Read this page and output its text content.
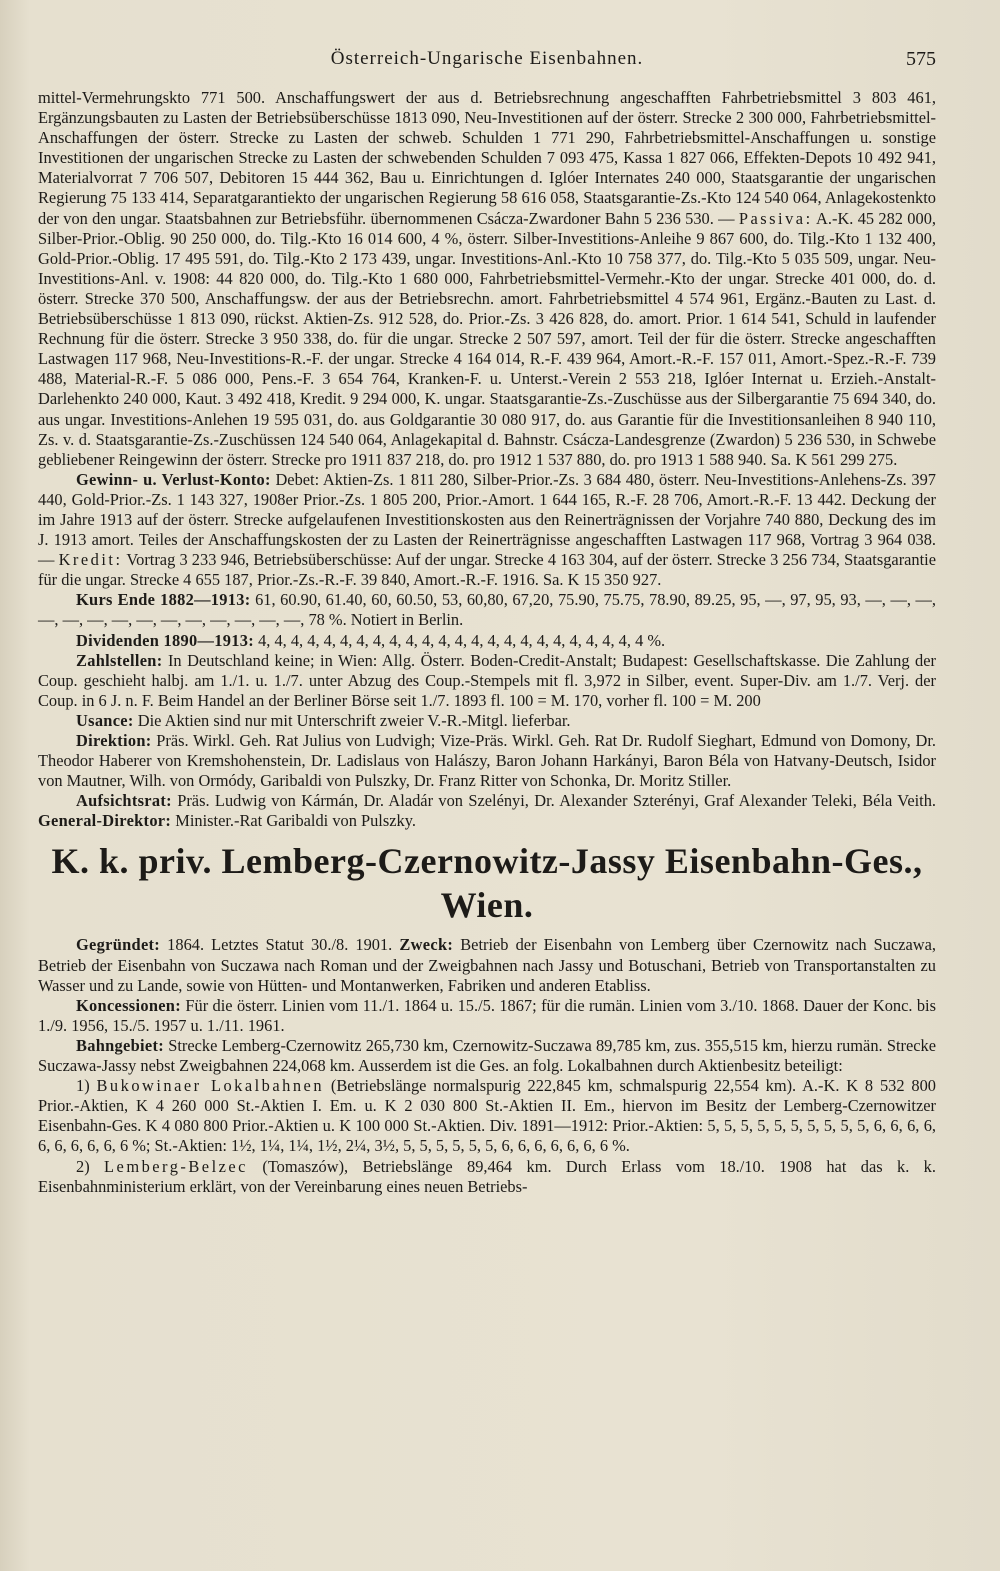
Österreich-Ungarische Eisenbahnen.	575

mittel-Vermehrungskto 771 500. Anschaffungswert der aus d. Betriebsrechnung angeschafften Fahrbetriebsmittel 3 803 461, Ergänzungsbauten zu Lasten der Betriebsüberschüsse 1813 090, Neu-Investitionen auf der österr. Strecke 2 300 000, Fahrbetriebsmittel-Anschaffungen der österr. Strecke zu Lasten der schweb. Schulden 1 771 290, Fahrbetriebsmittel-Anschaffungen u. sonstige Investitionen der ungarischen Strecke zu Lasten der schwebenden Schulden 7 093 475, Kassa 1 827 066, Effekten-Depots 10 492 941, Materialvorrat 7 706 507, Debitoren 15 444 362, Bau u. Einrichtungen d. Iglóer Internates 240 000, Staatsgarantie der ungarischen Regierung 75 133 414, Separatgarantiekto der ungarischen Regierung 58 616 058, Staatsgarantie-Zs.-Kto 124 540 064, Anlagekostenkto der von den ungar. Staatsbahnen zur Betriebsführ. übernommenen Csácza-Zwardoner Bahn 5 236 530. — Passiva: A.-K. 45 282 000, Silber-Prior.-Oblig. 90 250 000, do. Tilg.-Kto 16 014 600, 4 %, österr. Silber-Investitions-Anleihe 9 867 600, do. Tilg.-Kto 1 132 400, Gold-Prior.-Oblig. 17 495 591, do. Tilg.-Kto 2 173 439, ungar. Investitions-Anl.-Kto 10 758 377, do. Tilg.-Kto 5 035 509, ungar. Neu-Investitions-Anl. v. 1908: 44 820 000, do. Tilg.-Kto 1 680 000, Fahrbetriebsmittel-Vermehr.-Kto der ungar. Strecke 401 000, do. d. österr. Strecke 370 500, Anschaffungsw. der aus der Betriebsrechn. amort. Fahrbetriebsmittel 4 574 961, Ergänz.-Bauten zu Last. d. Betriebsüberschüsse 1 813 090, rückst. Aktien-Zs. 912 528, do. Prior.-Zs. 3 426 828, do. amort. Prior. 1 614 541, Schuld in laufender Rechnung für die österr. Strecke 3 950 338, do. für die ungar. Strecke 2 507 597, amort. Teil der für die österr. Strecke angeschafften Lastwagen 117 968, Neu-Investitions-R.-F. der ungar. Strecke 4 164 014, R.-F. 439 964, Amort.-R.-F. 157 011, Amort.-Spez.-R.-F. 739 488, Material-R.-F. 5 086 000, Pens.-F. 3 654 764, Kranken-F. u. Unterst.-Verein 2 553 218, Iglóer Internat u. Erzieh.-Anstalt-Darlehenkto 240 000, Kaut. 3 492 418, Kredit. 9 294 000, K. ungar. Staatsgarantie-Zs.-Zuschüsse aus der Silbergarantie 75 694 340, do. aus ungar. Investitions-Anlehen 19 595 031, do. aus Goldgarantie 30 080 917, do. aus Garantie für die Investitionsanleihen 8 940 110, Zs. v. d. Staatsgarantie-Zs.-Zuschüssen 124 540 064, Anlagekapital d. Bahnstr. Csácza-Landesgrenze (Zwardon) 5 236 530, in Schwebe gebliebener Reingewinn der österr. Strecke pro 1911 837 218, do. pro 1912 1 537 880, do. pro 1913 1 588 940. Sa. K 561 299 275.

Gewinn- u. Verlust-Konto: Debet: Aktien-Zs. 1 811 280, Silber-Prior.-Zs. 3 684 480, österr. Neu-Investitions-Anlehens-Zs. 397 440, Gold-Prior.-Zs. 1 143 327, 1908er Prior.-Zs. 1 805 200, Prior.-Amort. 1 644 165, R.-F. 28 706, Amort.-R.-F. 13 442. Deckung der im Jahre 1913 auf der österr. Strecke aufgelaufenen Investitionskosten aus den Reinerträgnissen der Vorjahre 740 880, Deckung des im J. 1913 amort. Teiles der Anschaffungskosten der zu Lasten der Reinerträgnisse angeschafften Lastwagen 117 968, Vortrag 3 964 038. — Kredit: Vortrag 3 233 946, Betriebsüberschüsse: Auf der ungar. Strecke 4 163 304, auf der österr. Strecke 3 256 734, Staatsgarantie für die ungar. Strecke 4 655 187, Prior.-Zs.-R.-F. 39 840, Amort.-R.-F. 1916. Sa. K 15 350 927.

Kurs Ende 1882—1913: 61, 60.90, 61.40, 60, 60.50, 53, 60,80, 67,20, 75.90, 75.75, 78.90, 89.25, 95, —, 97, 95, 93, —, —, —, —, —, —, —, —, —, —, —, —, —, —, 78 %. Notiert in Berlin.

Dividenden 1890—1913: 4, 4, 4, 4, 4, 4, 4, 4, 4, 4, 4, 4, 4, 4, 4, 4, 4, 4, 4, 4, 4, 4, 4, 4 %.

Zahlstellen: In Deutschland keine; in Wien: Allg. Österr. Boden-Credit-Anstalt; Budapest: Gesellschaftskasse. Die Zahlung der Coup. geschieht halbj. am 1./1. u. 1./7. unter Abzug des Coup.-Stempels mit fl. 3,972 in Silber, event. Super-Div. am 1./7. Verj. der Coup. in 6 J. n. F. Beim Handel an der Berliner Börse seit 1./7. 1893 fl. 100 = M. 170, vorher fl. 100 = M. 200

Usance: Die Aktien sind nur mit Unterschrift zweier V.-R.-Mitgl. lieferbar.

Direktion: Präs. Wirkl. Geh. Rat Julius von Ludvigh; Vize-Präs. Wirkl. Geh. Rat Dr. Rudolf Sieghart, Edmund von Domony, Dr. Theodor Haberer von Kremshohenstein, Dr. Ladislaus von Halászy, Baron Johann Harkányi, Baron Béla von Hatvany-Deutsch, Isidor von Mautner, Wilh. von Ormódy, Garibaldi von Pulszky, Dr. Franz Ritter von Schonka, Dr. Moritz Stiller.

Aufsichtsrat: Präs. Ludwig von Kármán, Dr. Aladár von Szelényi, Dr. Alexander Szterényi, Graf Alexander Teleki, Béla Veith. General-Direktor: Minister.-Rat Garibaldi von Pulszky.

K. k. priv. Lemberg-Czernowitz-Jassy Eisenbahn-Ges., Wien.

Gegründet: 1864. Letztes Statut 30./8. 1901. Zweck: Betrieb der Eisenbahn von Lemberg über Czernowitz nach Suczawa, Betrieb der Eisenbahn von Suczawa nach Roman und der Zweigbahnen nach Jassy und Botuschani, Betrieb von Transportanstalten zu Wasser und zu Lande, sowie von Hütten- und Montanwerken, Fabriken und anderen Etabliss.

Koncessionen: Für die österr. Linien vom 11./1. 1864 u. 15./5. 1867; für die rumän. Linien vom 3./10. 1868. Dauer der Konc. bis 1./9. 1956, 15./5. 1957 u. 1./11. 1961.

Bahngebiet: Strecke Lemberg-Czernowitz 265,730 km, Czernowitz-Suczawa 89,785 km, zus. 355,515 km, hierzu rumän. Strecke Suczawa-Jassy nebst Zweigbahnen 224,068 km. Ausserdem ist die Ges. an folg. Lokalbahnen durch Aktienbesitz beteiligt:

1) Bukowinaer Lokalbahnen (Betriebslänge normalspurig 222,845 km, schmalspurig 22,554 km). A.-K. K 8 532 800 Prior.-Aktien, K 4 260 000 St.-Aktien I. Em. u. K 2 030 800 St.-Aktien II. Em., hiervon im Besitz der Lemberg-Czernowitzer Eisenbahn-Ges. K 4 080 800 Prior.-Aktien u. K 100 000 St.-Aktien. Div. 1891—1912: Prior.-Aktien: 5, 5, 5, 5, 5, 5, 5, 5, 5, 5, 6, 6, 6, 6, 6, 6, 6, 6, 6, 6 %; St.-Aktien: 1½, 1¼, 1¼, 1½, 2¼, 3½, 5, 5, 5, 5, 5, 5, 6, 6, 6, 6, 6, 6, 6 %.

2) Lemberg-Belzec (Tomaszów), Betriebslänge 89,464 km. Durch Erlass vom 18./10. 1908 hat das k. k. Eisenbahnministerium erklärt, von der Vereinbarung eines neuen Betriebs-
